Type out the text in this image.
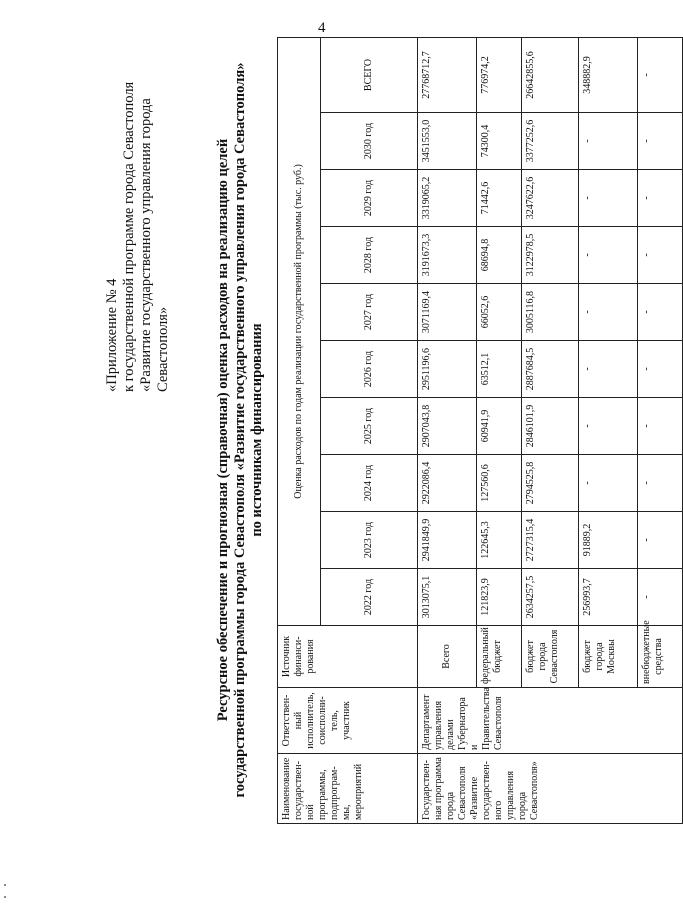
4
«Приложение № 4 к государственной программе города Севастополя «Развитие государственного управления города Севастополя»	Ресурсное обеспечение и прогнозная (справочная) оценка расходов на реализацию целей государственной программы города Севастополя «Развитие государственного управления города Севастополя» по источникам финансирования
Наименование государствен-ной программы, подпрограм-мы, мероприятий	Ответствен-ный исполнитель, соисполни-тель, участник	Источник финанси-рования	Оценка расходов по годам реализации государственной программы (тыс. руб.)									
			2022 год	2023 год	2024 год	2025 год	2026 год	2027 год	2028 год	2029 год	2030 год	ВСЕГО
Государствен-ная программа города Севастополя «Развитие государствен-ного управления города Севастополя»	Департамент управления делами Губернатора и Правительства Севастополя	Всего	3013075,1	2941849,9	2922086,4	2907043,8	2951196,6	3071169,4	3191673,3	3319065,2	3451553,0	27768712,7
		федеральный бюджет	121823,9	122645,3	127560,6	60941,9	63512,1	66052,6	68694,8	71442,6	74300,4	776974,2
		бюджет города Севастополя	2634257,5	2727315,4	2794525,8	2846101,9	2887684,5	3005116,8	3122978,5	3247622,6	3377252,6	26642855,6
		бюджет города Москвы	256993,7	91889,2	-	-	-	-	-	-	-	348882,9
		внебюджетные средства	-	-	-	-	-	-	-	-	-	-
